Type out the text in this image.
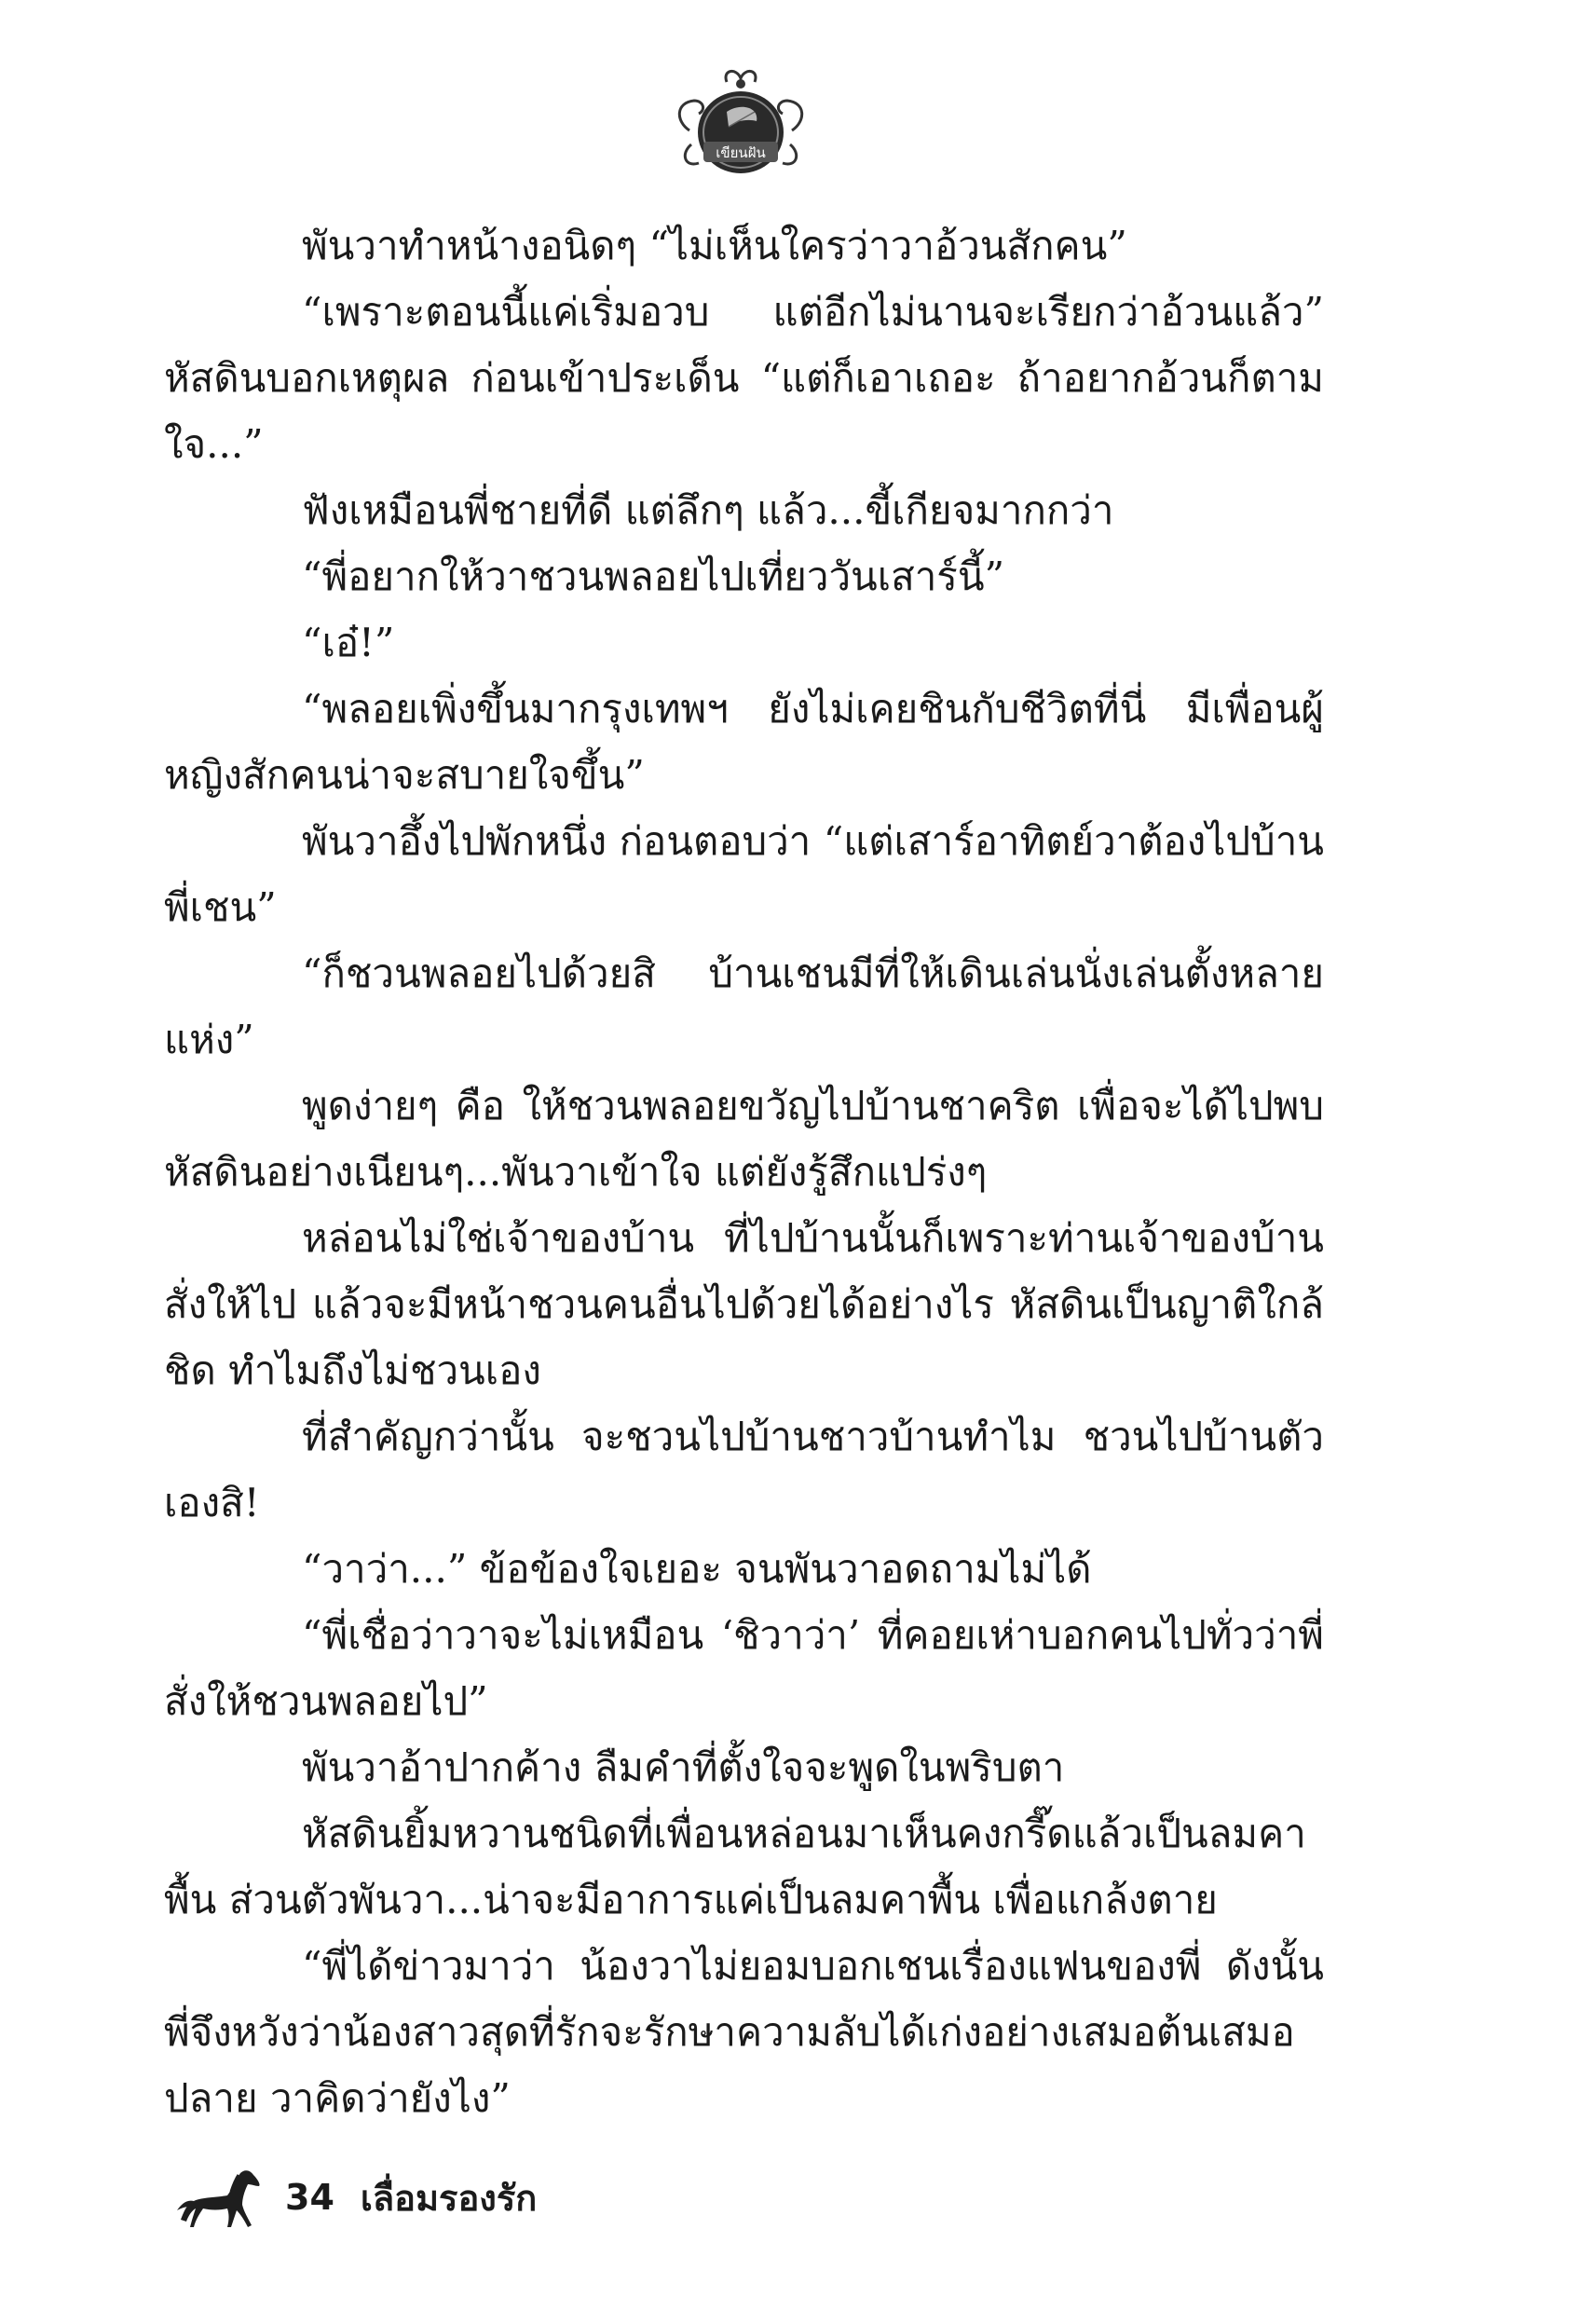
เขียนฝัน

พันวาทำหน้างอนิดๆ “ไม่เห็นใครว่าวาอ้วนสักคน”

“เพราะตอนนี้แค่เริ่มอวบ แต่อีกไม่นานจะเรียกว่าอ้วนแล้ว” หัสดินบอกเหตุผล ก่อนเข้าประเด็น “แต่ก็เอาเถอะ ถ้าอยากอ้วนก็ตามใจ...”

ฟังเหมือนพี่ชายที่ดี แต่ลึกๆ แล้ว...ขี้เกียจมากกว่า

“พี่อยากให้วาชวนพลอยไปเที่ยววันเสาร์นี้”

“เอ๋!”

“พลอยเพิ่งขึ้นมากรุงเทพฯ ยังไม่เคยชินกับชีวิตที่นี่ มีเพื่อนผู้หญิงสักคนน่าจะสบายใจขึ้น”

พันวาอึ้งไปพักหนึ่ง ก่อนตอบว่า “แต่เสาร์อาทิตย์วาต้องไปบ้านพี่เชน”

“ก็ชวนพลอยไปด้วยสิ บ้านเชนมีที่ให้เดินเล่นนั่งเล่นตั้งหลายแห่ง”

พูดง่ายๆ คือ ให้ชวนพลอยขวัญไปบ้านชาคริต เพื่อจะได้ไปพบหัสดินอย่างเนียนๆ...พันวาเข้าใจ แต่ยังรู้สึกแปร่งๆ

หล่อนไม่ใช่เจ้าของบ้าน ที่ไปบ้านนั้นก็เพราะท่านเจ้าของบ้านสั่งให้ไป แล้วจะมีหน้าชวนคนอื่นไปด้วยได้อย่างไร หัสดินเป็นญาติใกล้ชิด ทำไมถึงไม่ชวนเอง

ที่สำคัญกว่านั้น จะชวนไปบ้านชาวบ้านทำไม ชวนไปบ้านตัวเองสิ!

“วาว่า...” ข้อข้องใจเยอะ จนพันวาอดถามไม่ได้

“พี่เชื่อว่าวาจะไม่เหมือน ‘ชิวาว่า’ ที่คอยเห่าบอกคนไปทั่วว่าพี่สั่งให้ชวนพลอยไป”

พันวาอ้าปากค้าง ลืมคำที่ตั้งใจจะพูดในพริบตา

หัสดินยิ้มหวานชนิดที่เพื่อนหล่อนมาเห็นคงกรี๊ดแล้วเป็นลมคาพื้น ส่วนตัวพันวา...น่าจะมีอาการแค่เป็นลมคาพื้น เพื่อแกล้งตาย

“พี่ได้ข่าวมาว่า น้องวาไม่ยอมบอกเชนเรื่องแฟนของพี่ ดังนั้นพี่จึงหวังว่าน้องสาวสุดที่รักจะรักษาความลับได้เก่งอย่างเสมอต้นเสมอปลาย วาคิดว่ายังไง”

34 เลื่อมรองรัก
